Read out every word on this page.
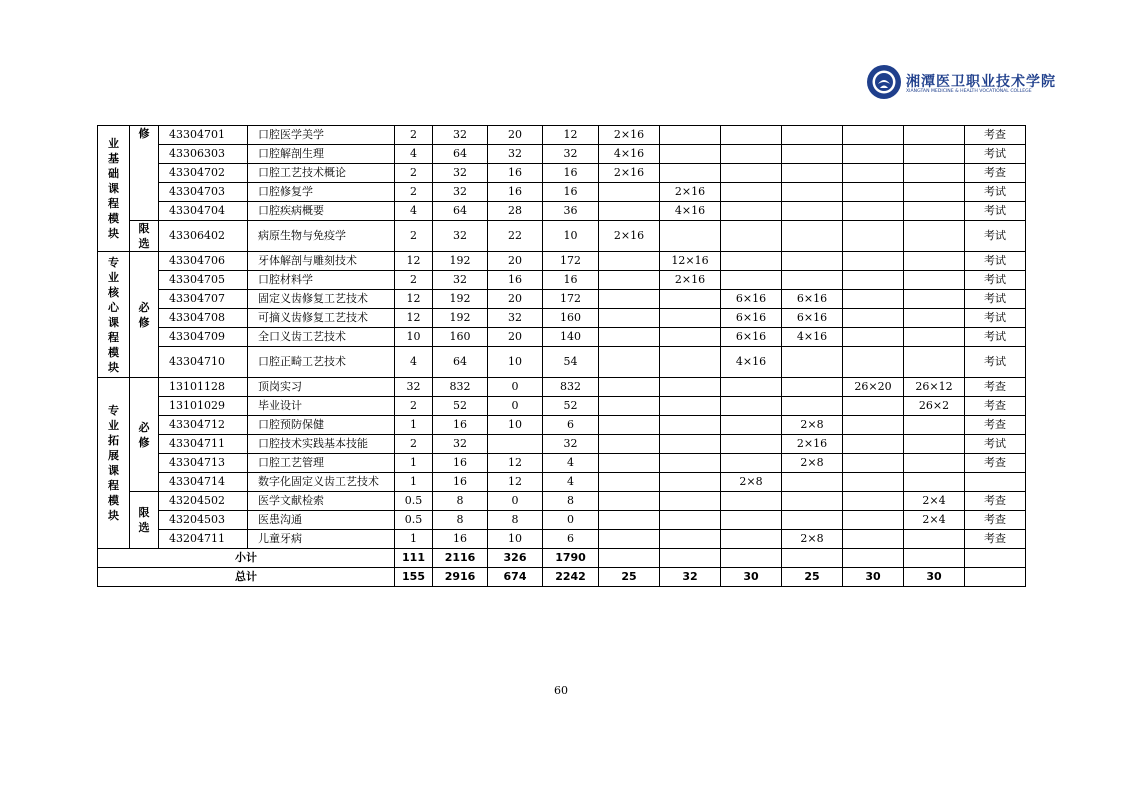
湘潭医卫职业技术学院
XIANGTAN MEDICINE & HEALTH VOCATIONAL COLLEGE
业基础课程模块	修	43304701	口腔医学美学	2	32	20	12	2×16						考查
		43306303	口腔解剖生理	4	64	32	32	4×16						考试
		43304702	口腔工艺技术概论	2	32	16	16	2×16						考查
		43304703	口腔修复学	2	32	16	16		2×16					考试
		43304704	口腔疾病概要	4	64	28	36		4×16					考试
	限选	43306402	病原生物与免疫学	2	32	22	10	2×16						考试
专业核心课程模块	必修	43304706	牙体解剖与雕刻技术	12	192	20	172		12×16					考试
		43304705	口腔材料学	2	32	16	16		2×16					考试
		43304707	固定义齿修复工艺技术	12	192	20	172			6×16	6×16			考试
		43304708	可摘义齿修复工艺技术	12	192	32	160			6×16	6×16			考试
		43304709	全口义齿工艺技术	10	160	20	140			6×16	4×16			考试
		43304710	口腔正畸工艺技术	4	64	10	54			4×16				考试
专业拓展课程模块	必修	13101128	顶岗实习	32	832	0	832					26×20	26×12	考查
		13101029	毕业设计	2	52	0	52						26×2	考查
		43304712	口腔预防保健	1	16	10	6				2×8			考查
		43304711	口腔技术实践基本技能	2	32		32				2×16			考试
		43304713	口腔工艺管理	1	16	12	4				2×8			考查
		43304714	数字化固定义齿工艺技术	1	16	12	4			2×8				
	限选	43204502	医学文献检索	0.5	8	0	8						2×4	考查
		43204503	医患沟通	0.5	8	8	0						2×4	考查
		43204711	儿童牙病	1	16	10	6				2×8			考查
小计				111	2116	326	1790							
总计				155	2916	674	2242	25	32	30	25	30	30	
60
